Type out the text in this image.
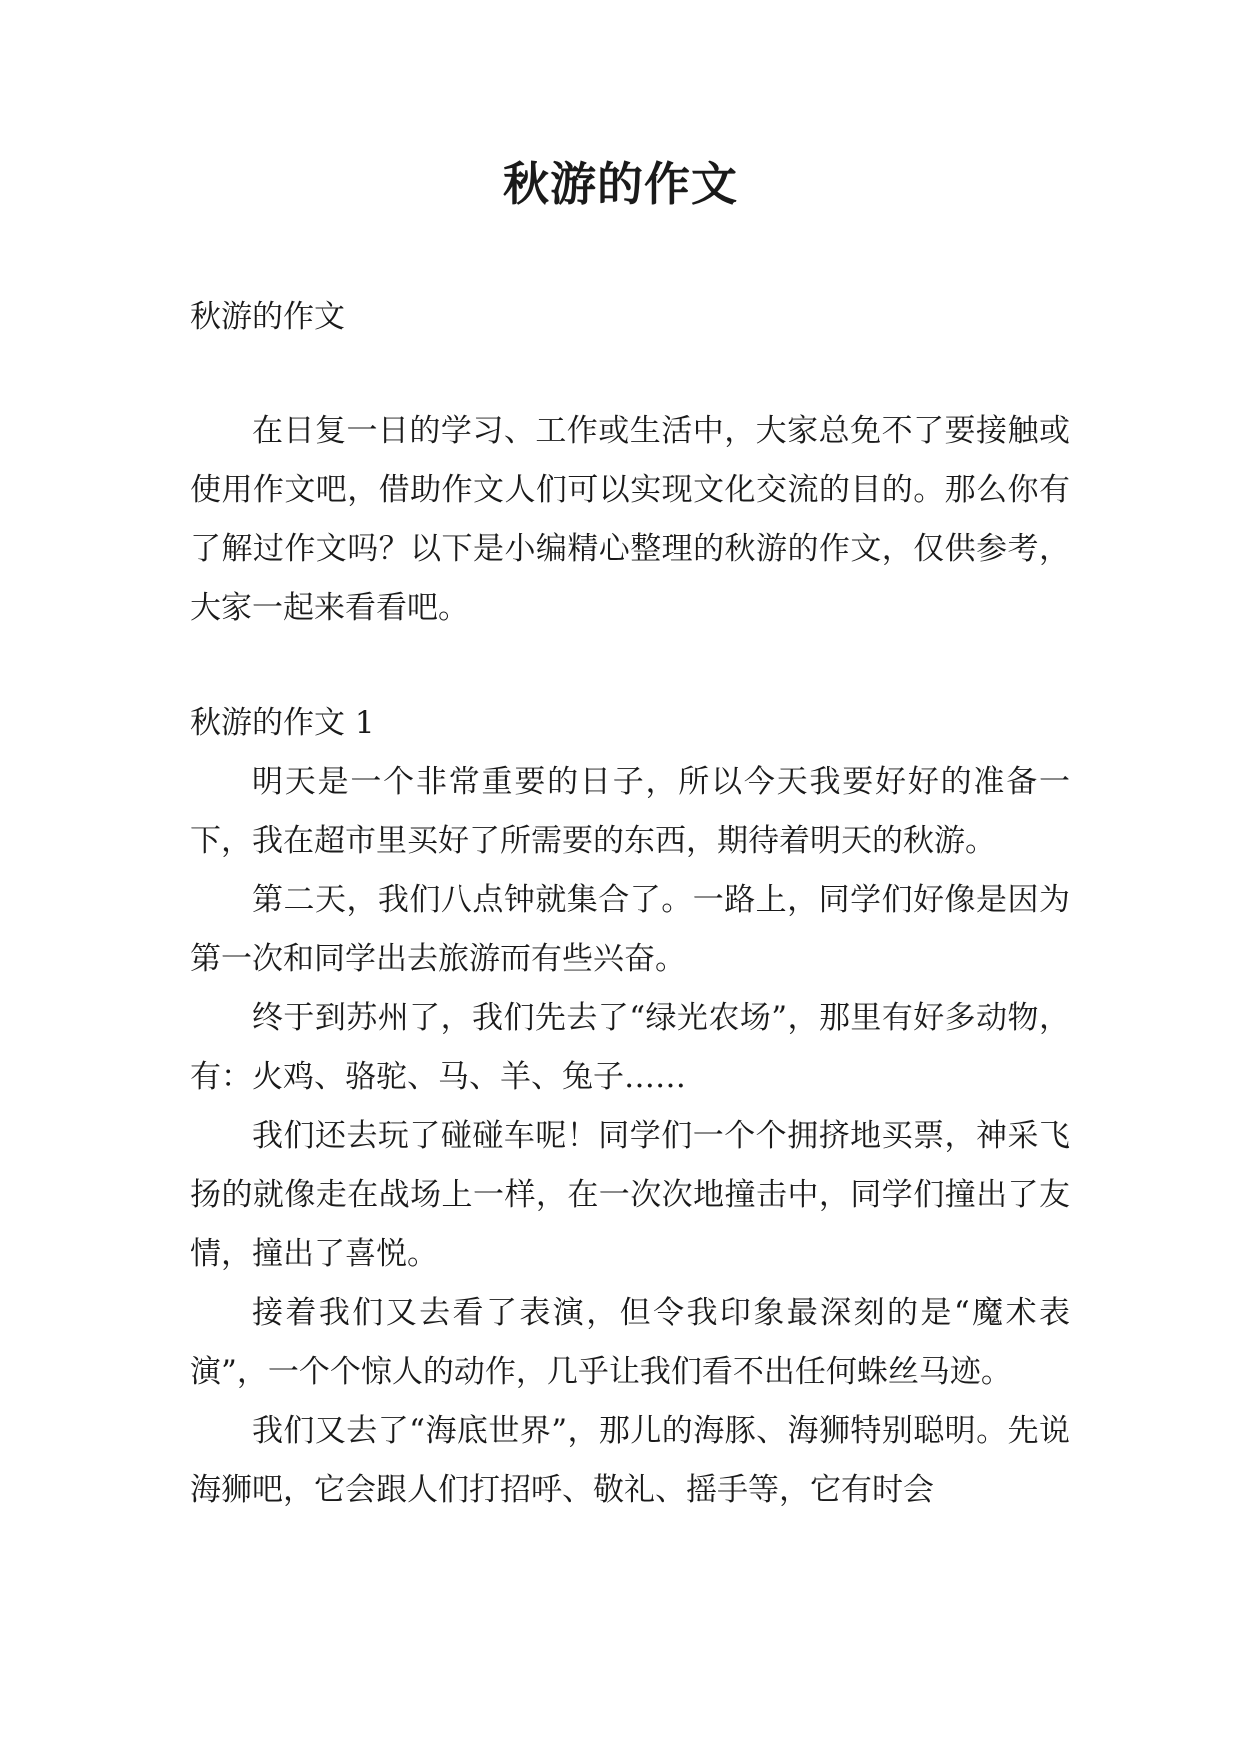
秋游的作文
秋游的作文

在日复一日的学习、工作或生活中，大家总免不了要接触或使用作文吧，借助作文人们可以实现文化交流的目的。那么你有了解过作文吗？以下是小编精心整理的秋游的作文，仅供参考，大家一起来看看吧。

秋游的作文 1

明天是一个非常重要的日子，所以今天我要好好的准备一下，我在超市里买好了所需要的东西，期待着明天的秋游。

第二天，我们八点钟就集合了。一路上，同学们好像是因为第一次和同学出去旅游而有些兴奋。

终于到苏州了，我们先去了“绿光农场”，那里有好多动物，有：火鸡、骆驼、马、羊、兔子……

我们还去玩了碰碰车呢！同学们一个个拥挤地买票，神采飞扬的就像走在战场上一样，在一次次地撞击中，同学们撞出了友情，撞出了喜悦。

接着我们又去看了表演，但令我印象最深刻的是“魔术表演”，一个个惊人的动作，几乎让我们看不出任何蛛丝马迹。

我们又去了“海底世界”，那儿的海豚、海狮特别聪明。先说海狮吧，它会跟人们打招呼、敬礼、摇手等，它有时会
